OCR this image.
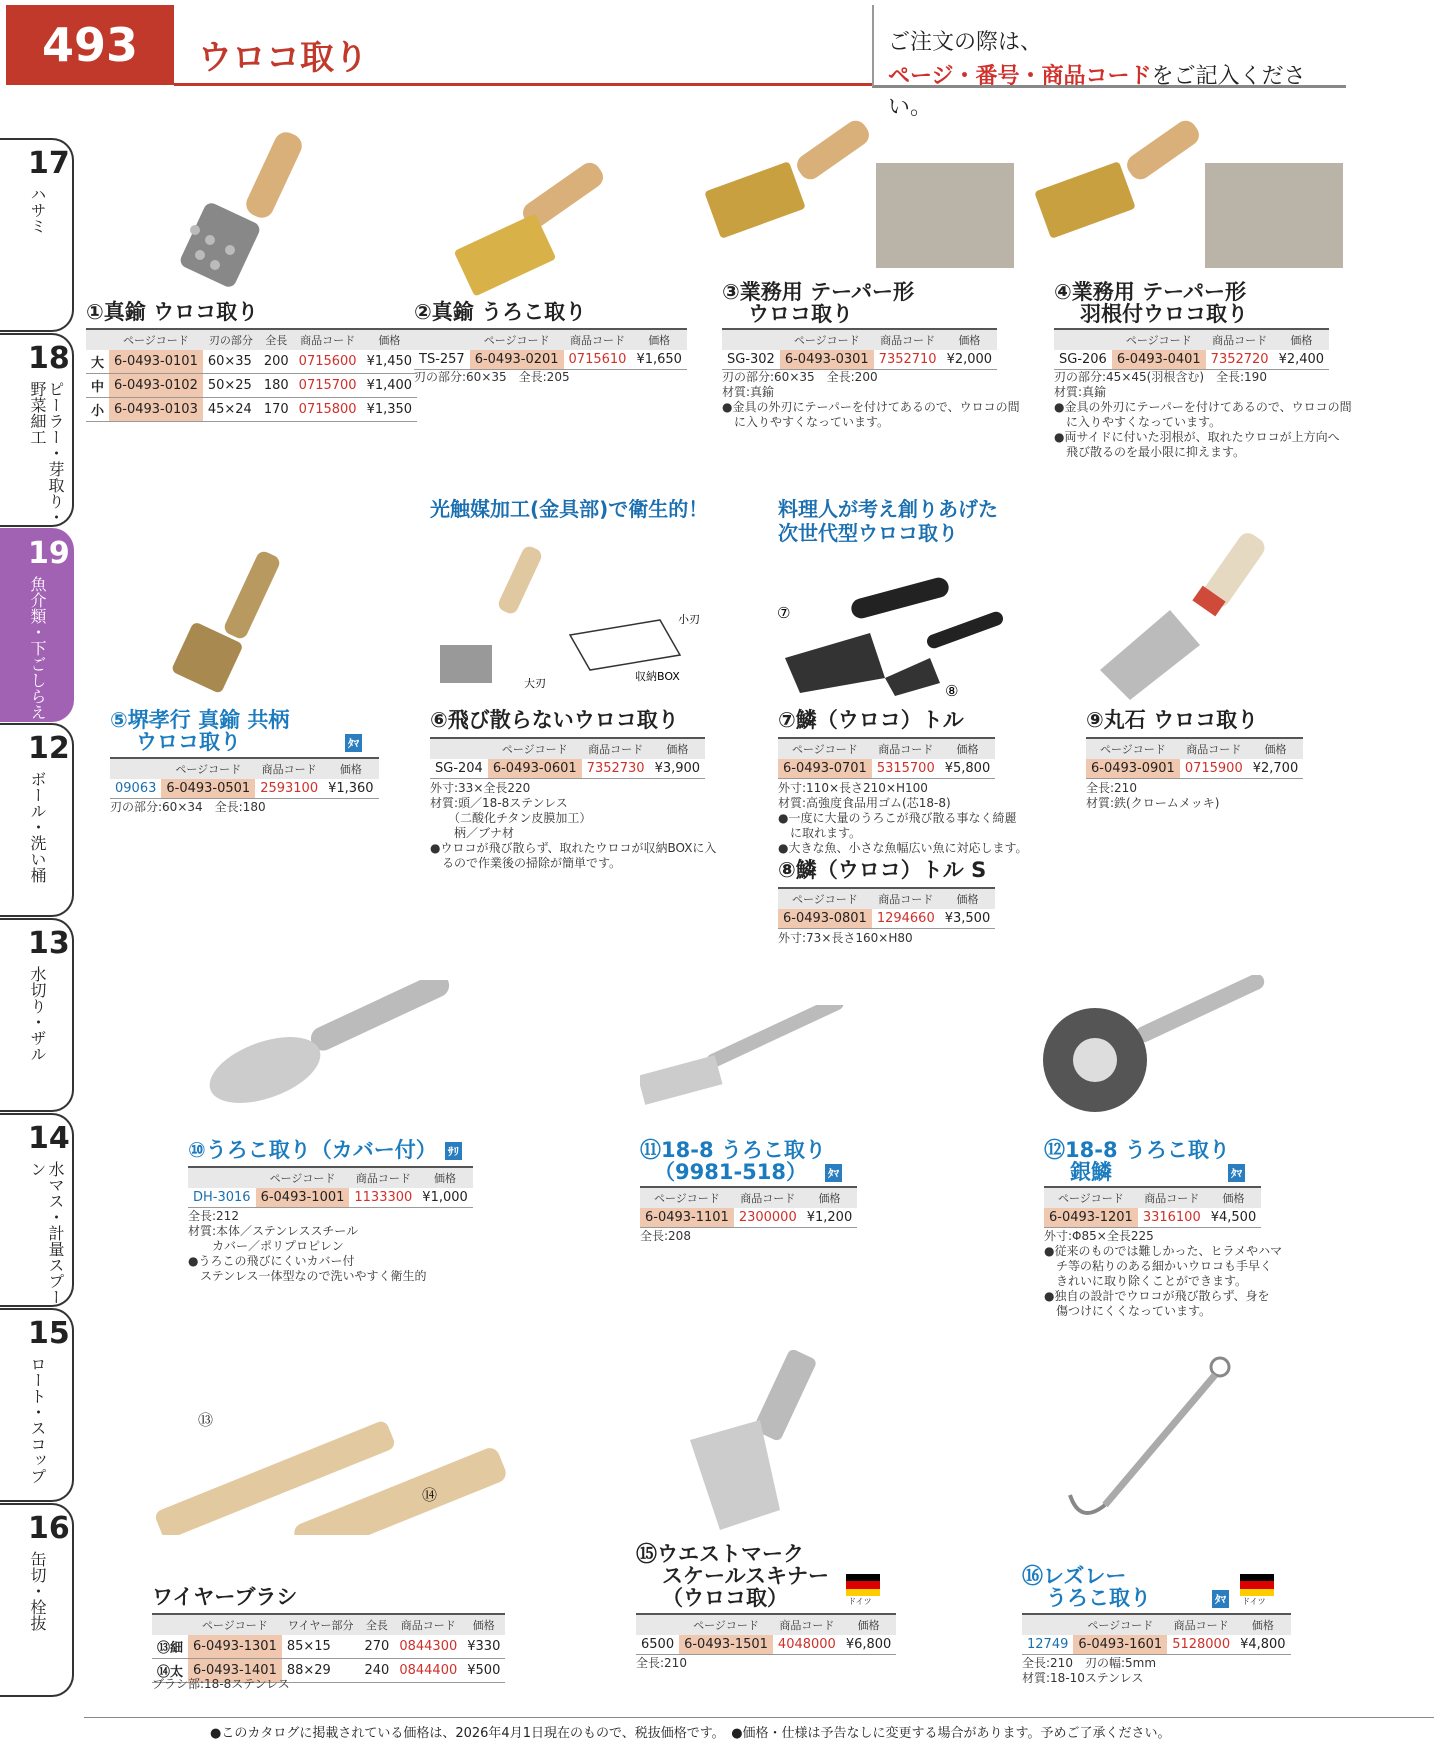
493	ウロコ取り	ご注文の際は、
ページ・番号・商品コードをご記入ください。
17
ハサミ
18
ピーラー・芽取り・野菜細工
19
魚介類・下ごしらえ
12
ボール・洗い桶
13
水切り・ザル
14
水マス・計量スプーン
15
ロート・スコップ
16
缶切・栓抜
①真鍮 ウロコ取り
	ページコード	刃の部分	全長	商品コード	価格
大	6-0493-0101	60×35	200	0715600	¥1,450
中	6-0493-0102	50×25	180	0715700	¥1,400
小	6-0493-0103	45×24	170	0715800	¥1,350
②真鍮 うろこ取り
	ページコード	商品コード	価格
TS-257	6-0493-0201	0715610	¥1,650
刃の部分:60×35　全長:205
③業務用 テーパー形
ウロコ取り
	ページコード	商品コード	価格
SG-302	6-0493-0301	7352710	¥2,000
刃の部分:60×35　全長:200
材質:真鍮
●金具の外刃にテーパーを付けてあるので、ウロコの間
　に入りやすくなっています。
④業務用 テーパー形
羽根付ウロコ取り
	ページコード	商品コード	価格
SG-206	6-0493-0401	7352720	¥2,400
刃の部分:45×45(羽根含む)　全長:190
材質:真鍮
●金具の外刃にテーパーを付けてあるので、ウロコの間
　に入りやすくなっています。
●両サイドに付いた羽根が、取れたウロコが上方向へ
　飛び散るのを最小限に抑えます。
光触媒加工(金具部)で衛生的！	料理人が考え創りあげた
次世代型ウロコ取り
小刃
大刃
収納BOX
⑦
⑧
⑤堺孝行 真鍮 共柄
ウロコ取り	ﾀﾏ
	ページコード	商品コード	価格
09063	6-0493-0501	2593100	¥1,360
刃の部分:60×34　全長:180
⑥飛び散らないウロコ取り
	ページコード	商品コード	価格
SG-204	6-0493-0601	7352730	¥3,900
外寸:33×全長220
材質:頭／18-8ステンレス
　　（二酸化チタン皮膜加工）
　　柄／ブナ材
●ウロコが飛び散らず、取れたウロコが収納BOXに入
　るので作業後の掃除が簡単です。
⑦鱗（ウロコ）トル
ページコード	商品コード	価格
6-0493-0701	5315700	¥5,800
外寸:110×長さ210×H100
材質:高強度食品用ゴム(芯18-8)
●一度に大量のうろこが飛び散る事なく綺麗
　に取れます。
●大きな魚、小さな魚幅広い魚に対応します。
⑧鱗（ウロコ）トル S
ページコード	商品コード	価格
6-0493-0801	1294660	¥3,500
外寸:73×長さ160×H80
⑨丸石 ウロコ取り
ページコード	商品コード	価格
6-0493-0901	0715900	¥2,700
全長:210
材質:鉄(クロームメッキ)
⑩うろこ取り（カバー付） ｻﾘ
	ページコード	商品コード	価格
DH-3016	6-0493-1001	1133300	¥1,000
全長:212
材質:本体／ステンレススチール
　　カバー／ポリプロピレン
●うろこの飛びにくいカバー付
　ステンレス一体型なので洗いやすく衛生的
⑪18-8 うろこ取り
（9981-518） ﾀﾏ
ページコード	商品コード	価格
6-0493-1101	2300000	¥1,200
全長:208
⑫18-8 うろこ取り
銀鱗	ﾀﾏ
ページコード	商品コード	価格
6-0493-1201	3316100	¥4,500
外寸:Φ85×全長225
●従来のものでは難しかった、ヒラメやハマ
　チ等の粘りのある細かいウロコも手早く
　きれいに取り除くことができます。
●独自の設計でウロコが飛び散らず、身を
　傷つけにくくなっています。
⑬
⑭
ワイヤーブラシ
	ページコード	ワイヤー部分	全長	商品コード	価格
⑬細	6-0493-1301	85×15	270	0844300	¥330
⑭太	6-0493-1401	88×29	240	0844400	¥500
ブラシ部:18-8ステンレス
⑮ウエストマーク
スケールスキナー
（ウロコ取）	ドイツ
	ページコード	商品コード	価格
6500	6-0493-1501	4048000	¥6,800
全長:210
⑯レズレー
うろこ取り	ﾀﾏ	ドイツ
	ページコード	商品コード	価格
12749	6-0493-1601	5128000	¥4,800
全長:210　刃の幅:5mm
材質:18-10ステンレス
●このカタログに掲載されている価格は、2026年4月1日現在のもので、税抜価格です。　 ●価格・仕様は予告なしに変更する場合があります。予めご了承ください。
